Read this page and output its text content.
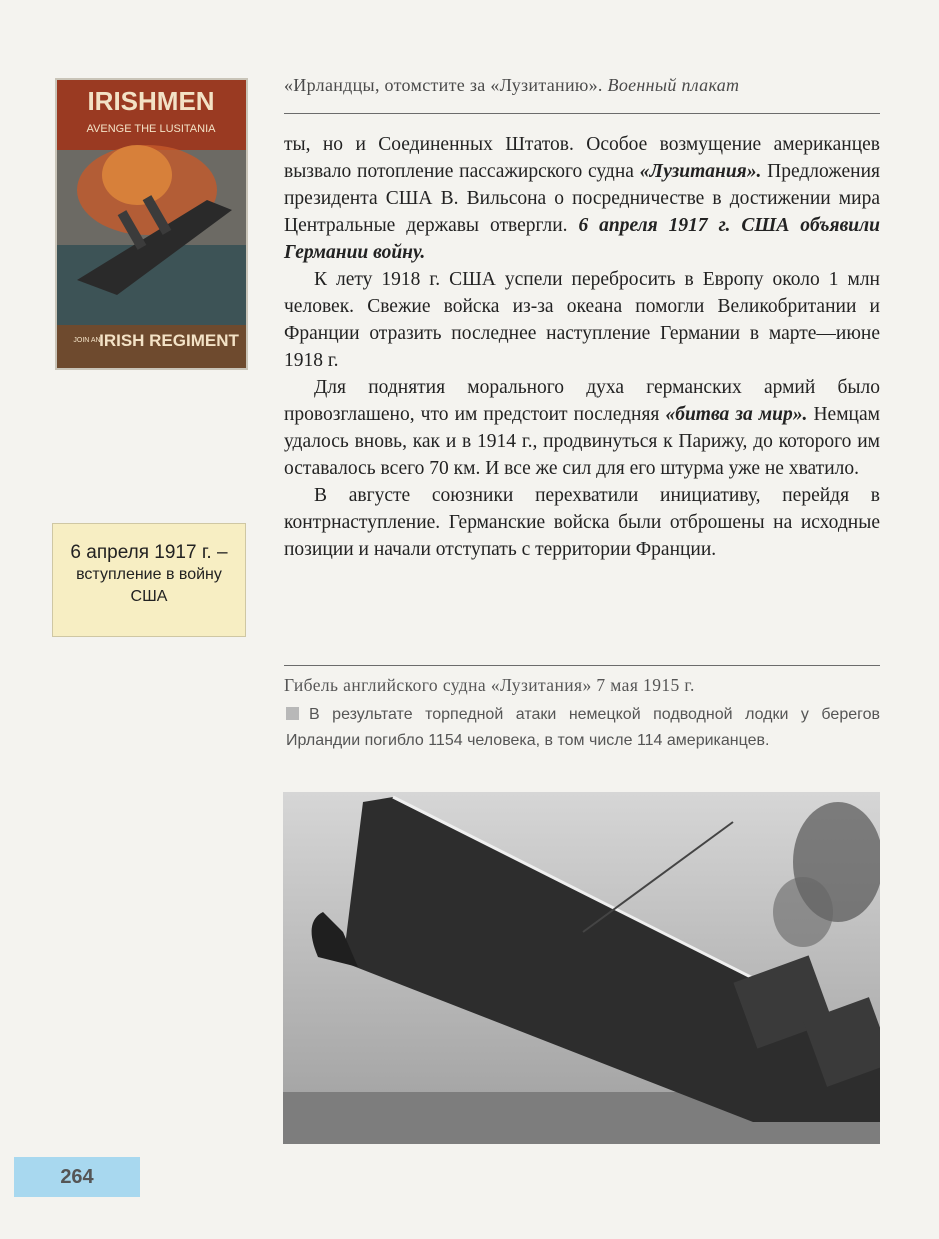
IRISHMEN
AVENGE THE LUSITANIA
JOIN AN
IRISH REGIMENT
«Ирландцы, отомстите за «Лузитанию». Военный плакат

ты, но и Соединенных Штатов. Особое возмущение американцев вызвало потопление пассажирского судна «Лузитания». Предложения президента США В. Вильсона о посредничестве в достижении мира Центральные державы отвергли. 6 апреля 1917 г. США объявили Германии войну.

К лету 1918 г. США успели перебросить в Европу около 1 млн человек. Свежие войска из-за океана помогли Великобритании и Франции отразить последнее наступление Германии в марте—июне 1918 г.

Для поднятия морального духа германских армий было провозглашено, что им предстоит последняя «битва за мир». Немцам удалось вновь, как и в 1914 г., продвинуться к Парижу, до которого им оставалось всего 70 км. И все же сил для его штурма уже не хватило.

В августе союзники перехватили инициативу, перейдя в контрнаступление. Германские войска были отброшены на исходные позиции и начали отступать с территории Франции.

6 апреля 1917 г. –
вступление в войну
США
Гибель английского судна «Лузитания» 7 мая 1915 г.
В результате торпедной атаки немецкой подводной лодки у берегов Ирландии погибло 1154 человека, в том числе 114 американцев.
264
